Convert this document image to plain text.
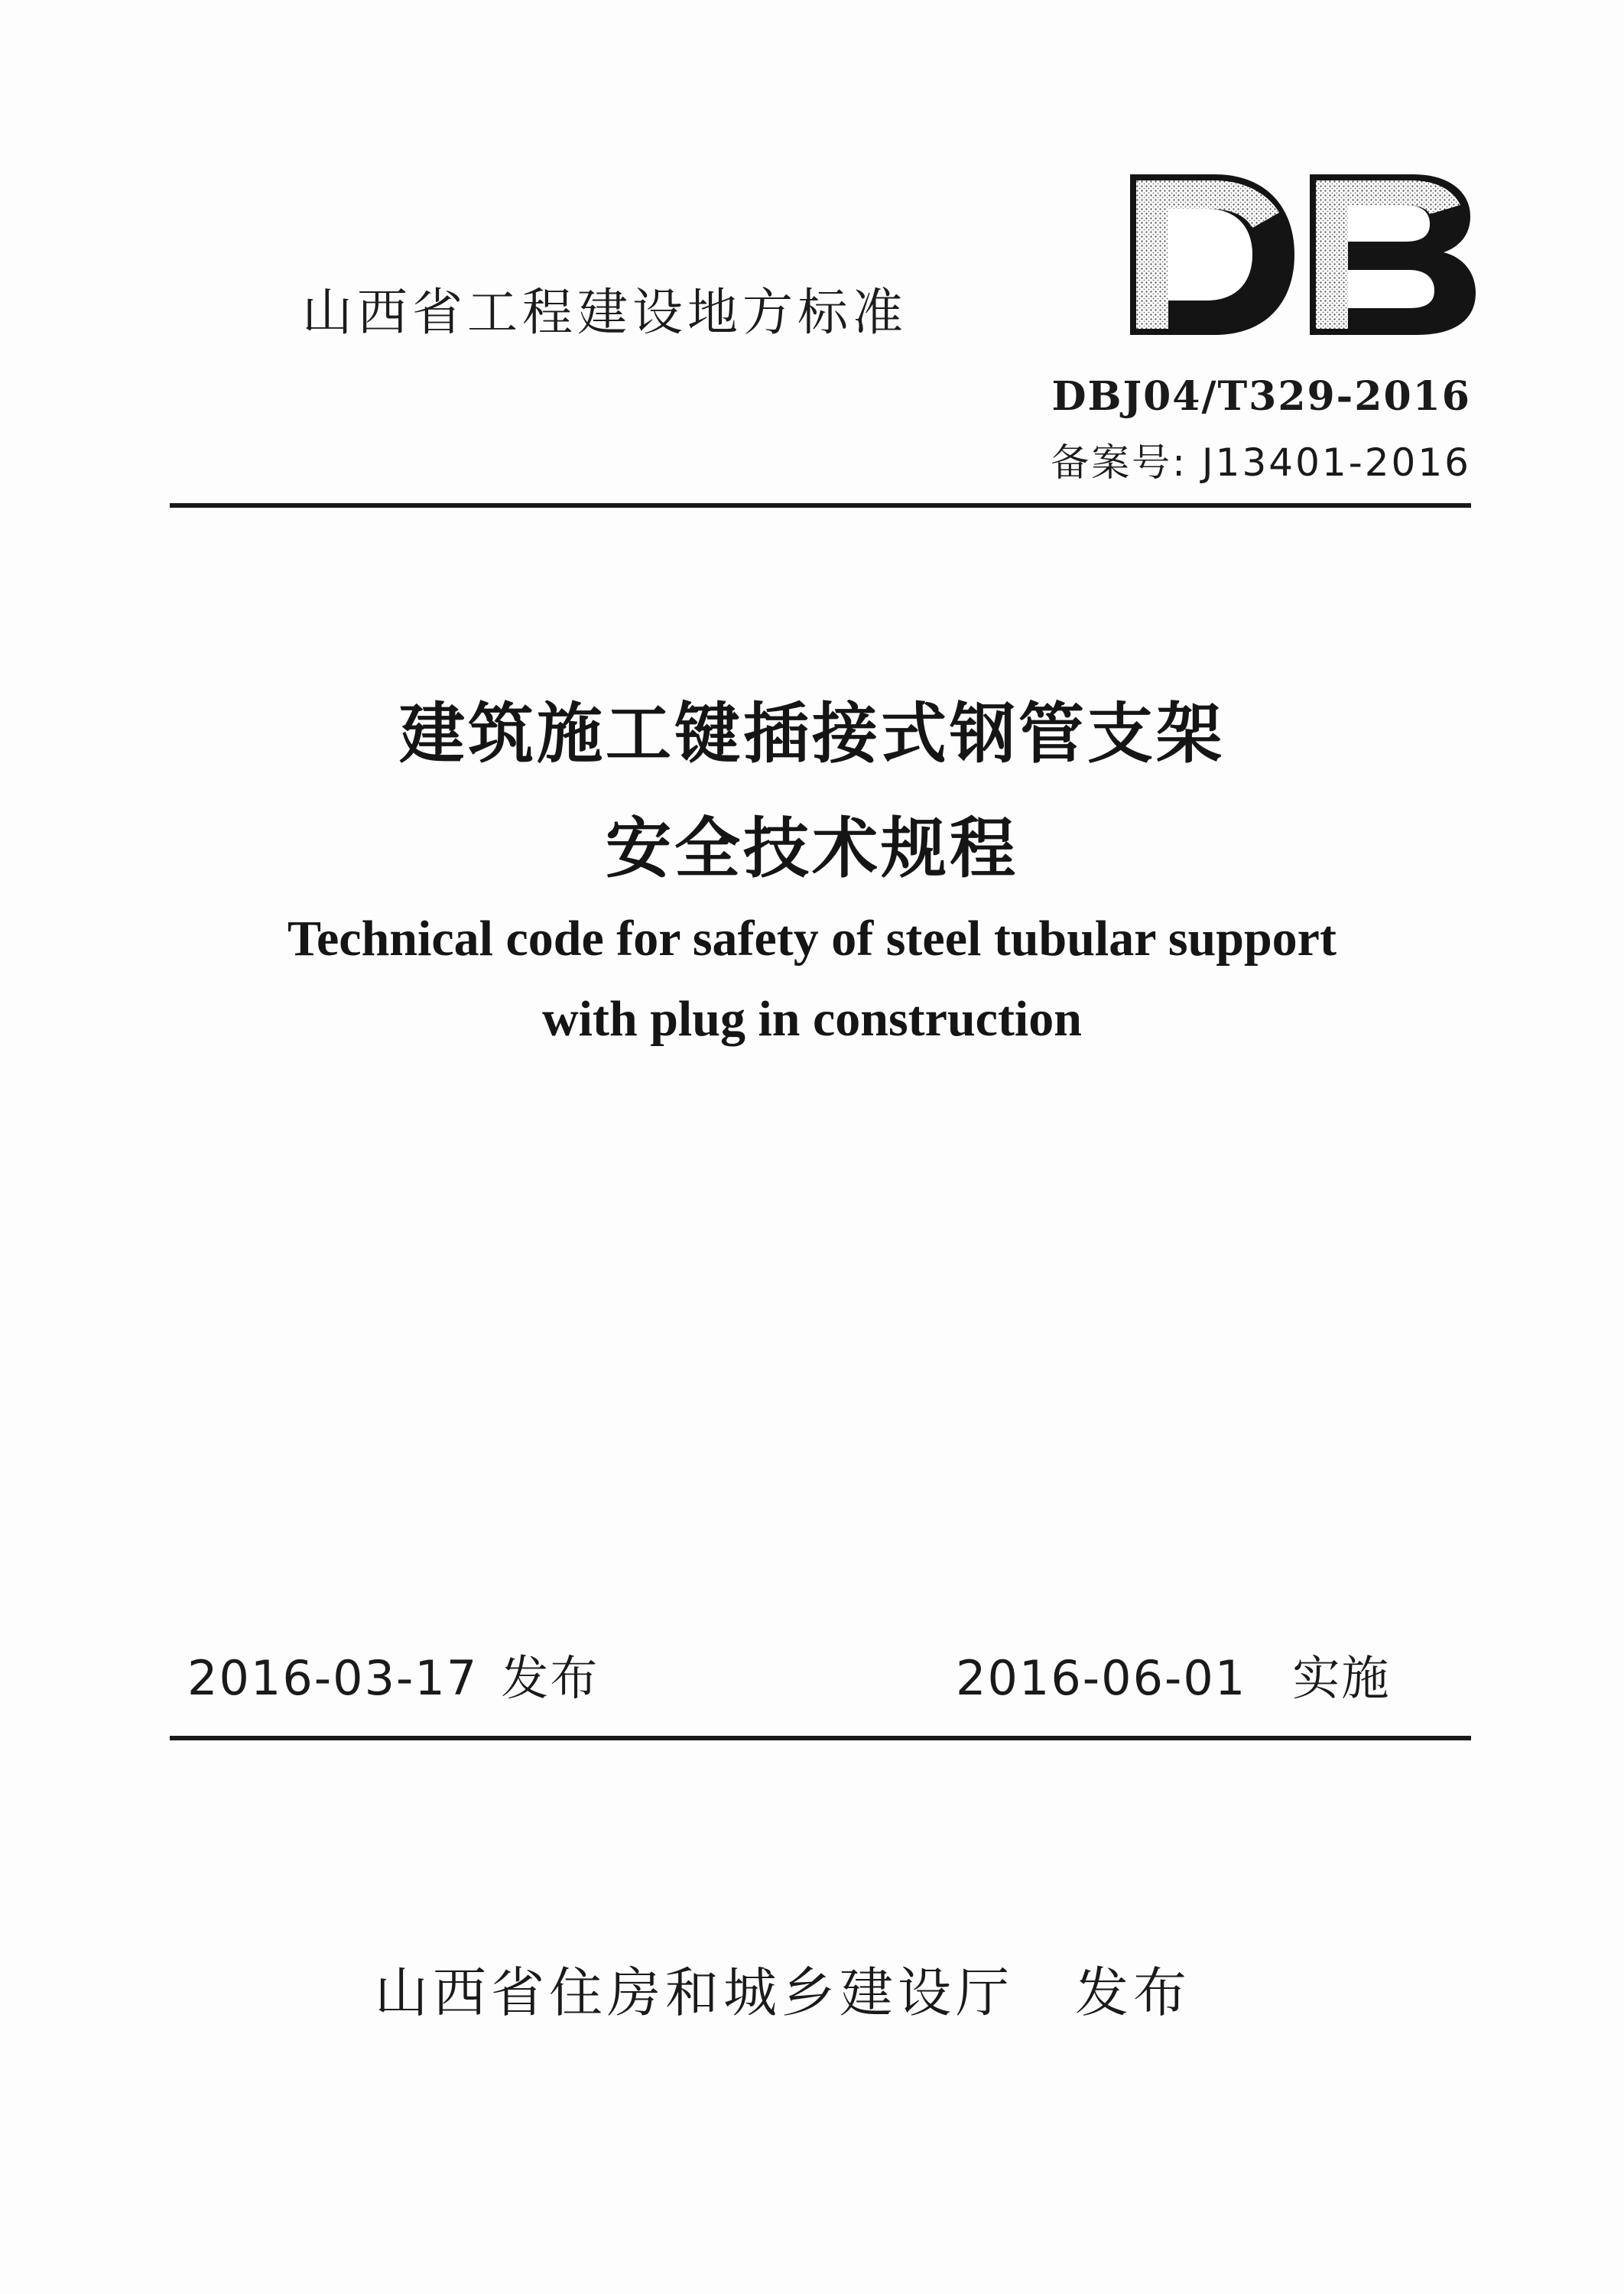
山西省工程建设地方标准
DBJ04/T329-2016
备案号: J13401-2016
建筑施工键插接式钢管支架
安全技术规程
Technical code for safety of steel tubular support
with plug in construction
2016-03-17 发布	2016-06-01 实施
山西省住房和城乡建设厅 发布
